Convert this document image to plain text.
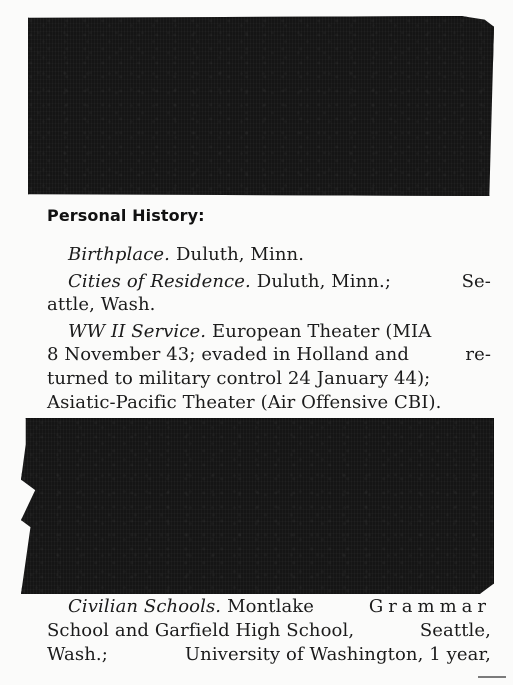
Personal History:
Birthplace. Duluth, Minn.
Cities of Residence. Duluth, Minn.;	Se-
attle, Wash.
WW II Service. European Theater (MIA
8 November 43; evaded in Holland and	re-
turned to military control 24 January 44);
Asiatic-Pacific Theater (Air Offensive CBI).
Civilian Schools. Montlake	Grammar
School and Garfield High School,	Seattle,
Wash.;	University of Washington, 1 year,
